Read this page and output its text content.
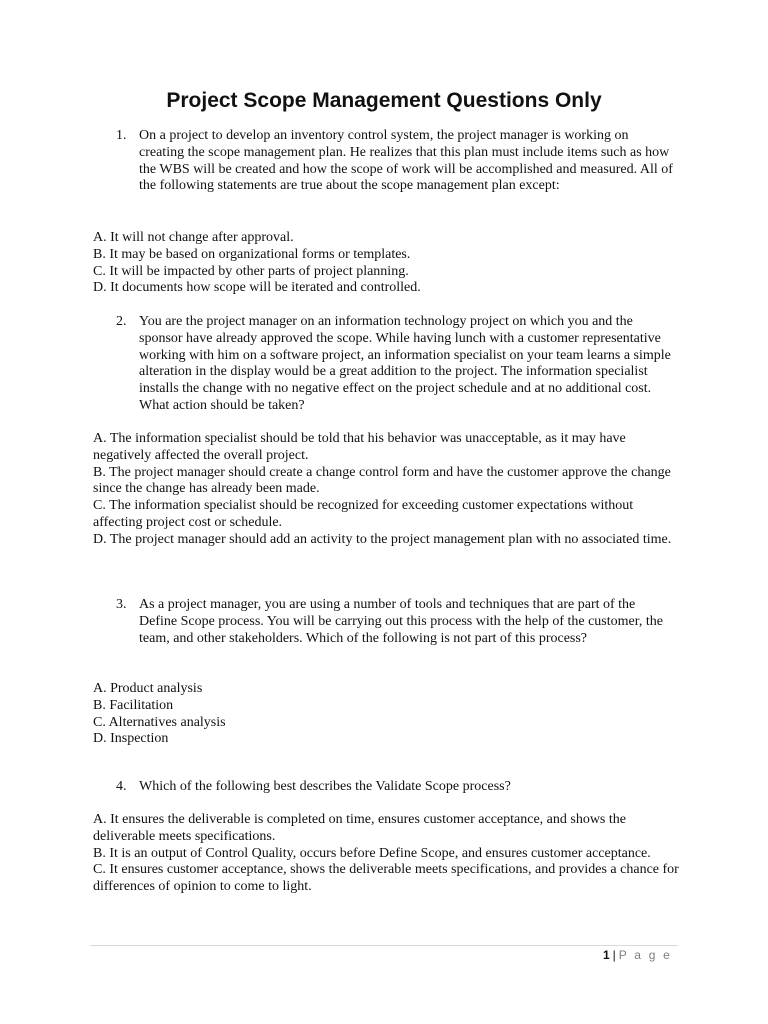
Project Scope Management Questions Only
1. On a project to develop an inventory control system, the project manager is working on creating the scope management plan. He realizes that this plan must include items such as how the WBS will be created and how the scope of work will be accomplished and measured. All of the following statements are true about the scope management plan except:
A. It will not change after approval.
B. It may be based on organizational forms or templates.
C. It will be impacted by other parts of project planning.
D. It documents how scope will be iterated and controlled.
2. You are the project manager on an information technology project on which you and the sponsor have already approved the scope. While having lunch with a customer representative working with him on a software project, an information specialist on your team learns a simple alteration in the display would be a great addition to the project. The information specialist installs the change with no negative effect on the project schedule and at no additional cost. What action should be taken?
A. The information specialist should be told that his behavior was unacceptable, as it may have negatively affected the overall project.
B. The project manager should create a change control form and have the customer approve the change since the change has already been made.
C. The information specialist should be recognized for exceeding customer expectations without affecting project cost or schedule.
D. The project manager should add an activity to the project management plan with no associated time.
3. As a project manager, you are using a number of tools and techniques that are part of the Define Scope process. You will be carrying out this process with the help of the customer, the team, and other stakeholders. Which of the following is not part of this process?
A. Product analysis
B. Facilitation
C. Alternatives analysis
D. Inspection
4. Which of the following best describes the Validate Scope process?
A. It ensures the deliverable is completed on time, ensures customer acceptance, and shows the deliverable meets specifications.
B. It is an output of Control Quality, occurs before Define Scope, and ensures customer acceptance.
C. It ensures customer acceptance, shows the deliverable meets specifications, and provides a chance for differences of opinion to come to light.
1 | P a g e
